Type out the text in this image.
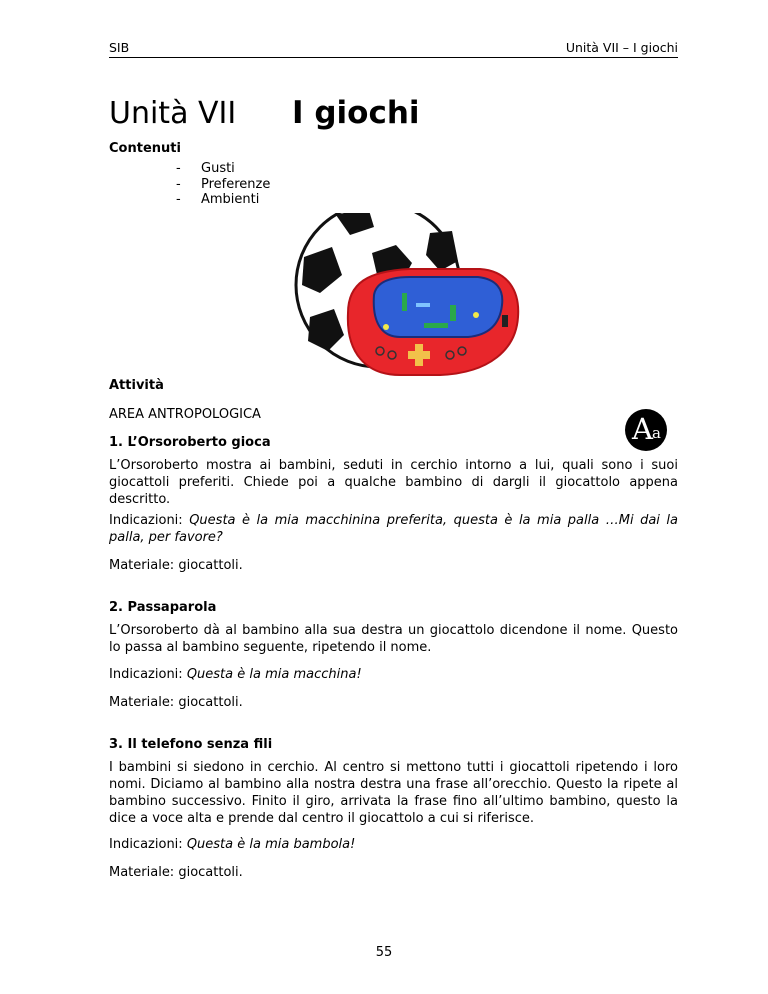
SIB	Unità VII – I giochi
Unità VII I giochi
Contenuti
- Gusti
- Preferenze
- Ambienti
Attività
AREA ANTROPOLOGICA	A a
1. L’Orsoroberto gioca
L’Orsoroberto mostra ai bambini, seduti in cerchio intorno a lui, quali sono i suoi giocattoli preferiti. Chiede poi a qualche bambino di dargli il giocattolo appena descritto.
Indicazioni: Questa è la mia macchinina preferita, questa è la mia palla …Mi dai la palla, per favore?
Materiale: giocattoli.
2. Passaparola
L’Orsoroberto dà al bambino alla sua destra un giocattolo dicendone il nome. Questo lo passa al bambino seguente, ripetendo il nome.
Indicazioni: Questa è la mia macchina!
Materiale: giocattoli.
3. Il telefono senza fili
I bambini si siedono in cerchio. Al centro si mettono tutti i giocattoli ripetendo i loro nomi. Diciamo al bambino alla nostra destra una frase all’orecchio. Questo la ripete al bambino successivo. Finito il giro, arrivata la frase fino all’ultimo bambino, questo la dice a voce alta e prende dal centro il giocattolo a cui si riferisce.
Indicazioni: Questa è la mia bambola!
Materiale: giocattoli.
55
